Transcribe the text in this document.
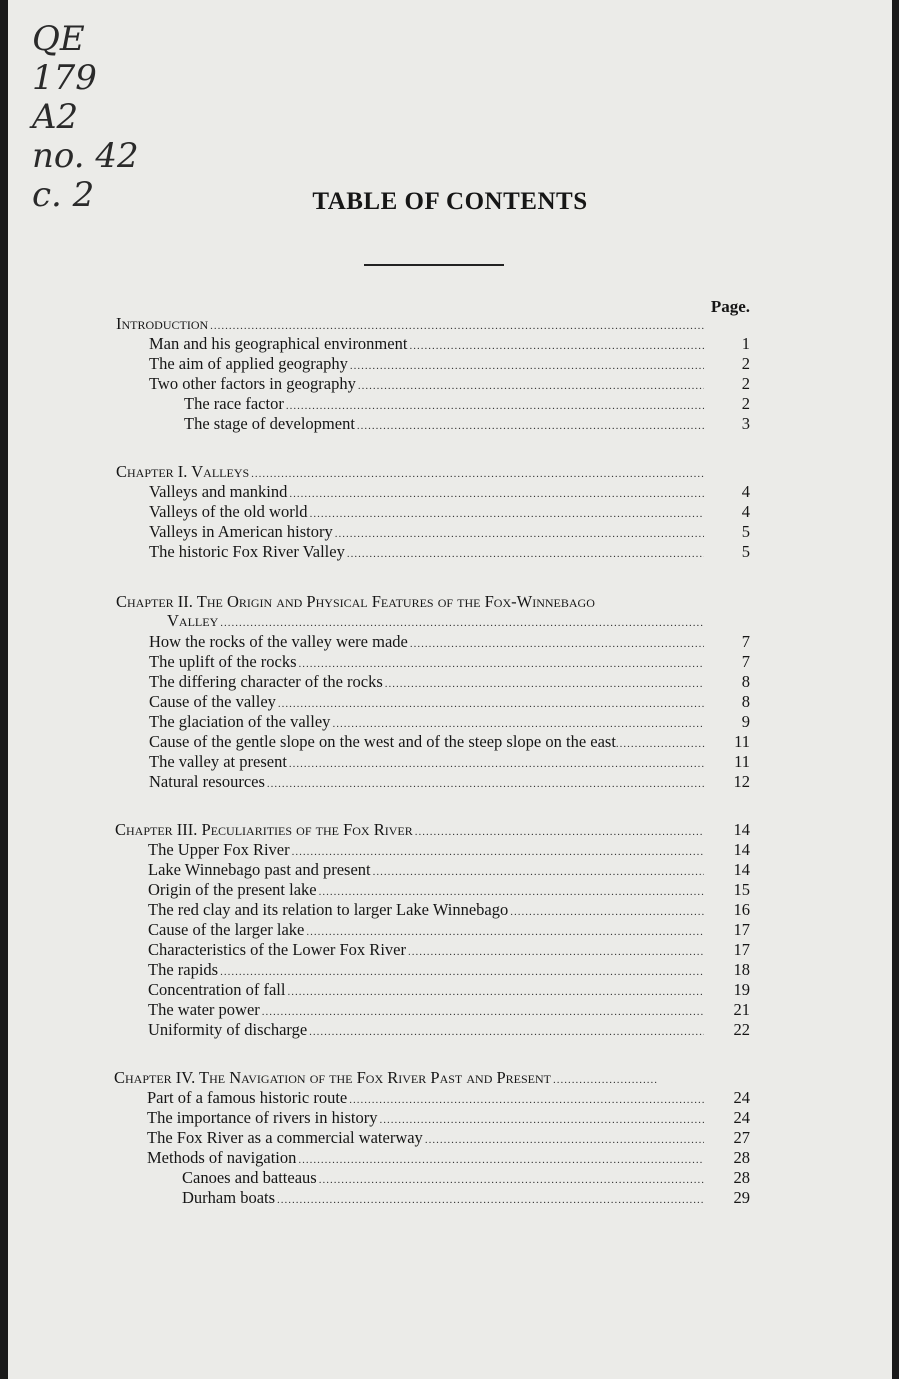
QE
179
A2
no. 42
c. 2	TABLE OF CONTENTS
Page.
Introduction
.....
Man and his geographical environment .....	1
The aim of applied geography .....	2
Two other factors in geography .....	2
The race factor .....	2
The stage of development .....	3
Chapter I. Valleys
.....
Valleys and mankind .....	4
Valleys of the old world .....	4
Valleys in American history .....	5
The historic Fox River Valley .....	5
Chapter II. The Origin and Physical Features of the Fox-Winnebago
Valley
.....
How the rocks of the valley were made .....	7
The uplift of the rocks .....	7
The differing character of the rocks .....	8
Cause of the valley .....	8
The glaciation of the valley .....	9
Cause of the gentle slope on the west and of the steep slope on the east .....	11
The valley at present .....	11
Natural resources .....	12
Chapter III. Peculiarities of the Fox River .....	14
The Upper Fox River .....	14
Lake Winnebago past and present .....	14
Origin of the present lake .....	15
The red clay and its relation to larger Lake Winnebago .....	16
Cause of the larger lake .....	17
Characteristics of the Lower Fox River .....	17
The rapids .....	18
Concentration of fall .....	19
The water power .....	21
Uniformity of discharge .....	22
Chapter IV. The Navigation of the Fox River Past and Present
.....
Part of a famous historic route .....	24
The importance of rivers in history .....	24
The Fox River as a commercial waterway .....	27
Methods of navigation .....	28
Canoes and batteaus .....	28
Durham boats .....	29
